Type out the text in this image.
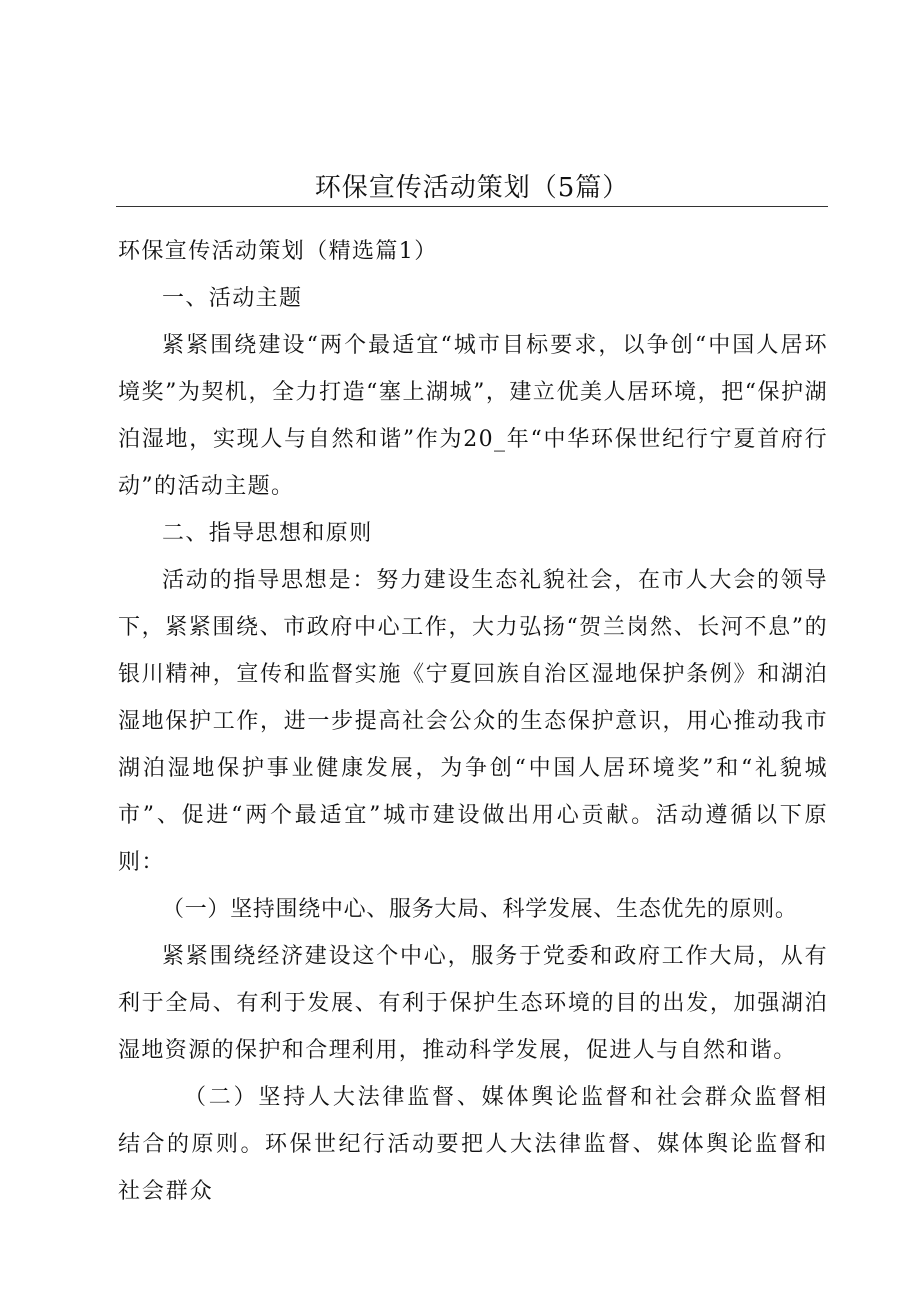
环保宣传活动策划（5篇）

环保宣传活动策划（精选篇1）

一、活动主题

紧紧围绕建设“两个最适宜“城市目标要求，以争创“中国人居环境奖”为契机，全力打造“塞上湖城”，建立优美人居环境，把“保护湖泊湿地，实现人与自然和谐”作为20_年“中华环保世纪行宁夏首府行动”的活动主题。

二、指导思想和原则

活动的指导思想是：努力建设生态礼貌社会，在市人大会的领导下，紧紧围绕、市政府中心工作，大力弘扬“贺兰岗然、长河不息”的银川精神，宣传和监督实施《宁夏回族自治区湿地保护条例》和湖泊湿地保护工作，进一步提高社会公众的生态保护意识，用心推动我市湖泊湿地保护事业健康发展，为争创“中国人居环境奖”和“礼貌城市”、促进“两个最适宜”城市建设做出用心贡献。活动遵循以下原则：

（一）坚持围绕中心、服务大局、科学发展、生态优先的原则。

紧紧围绕经济建设这个中心，服务于党委和政府工作大局，从有利于全局、有利于发展、有利于保护生态环境的目的出发，加强湖泊湿地资源的保护和合理利用，推动科学发展，促进人与自然和谐。

（二）坚持人大法律监督、媒体舆论监督和社会群众监督相结合的原则。环保世纪行活动要把人大法律监督、媒体舆论监督和社会群众
